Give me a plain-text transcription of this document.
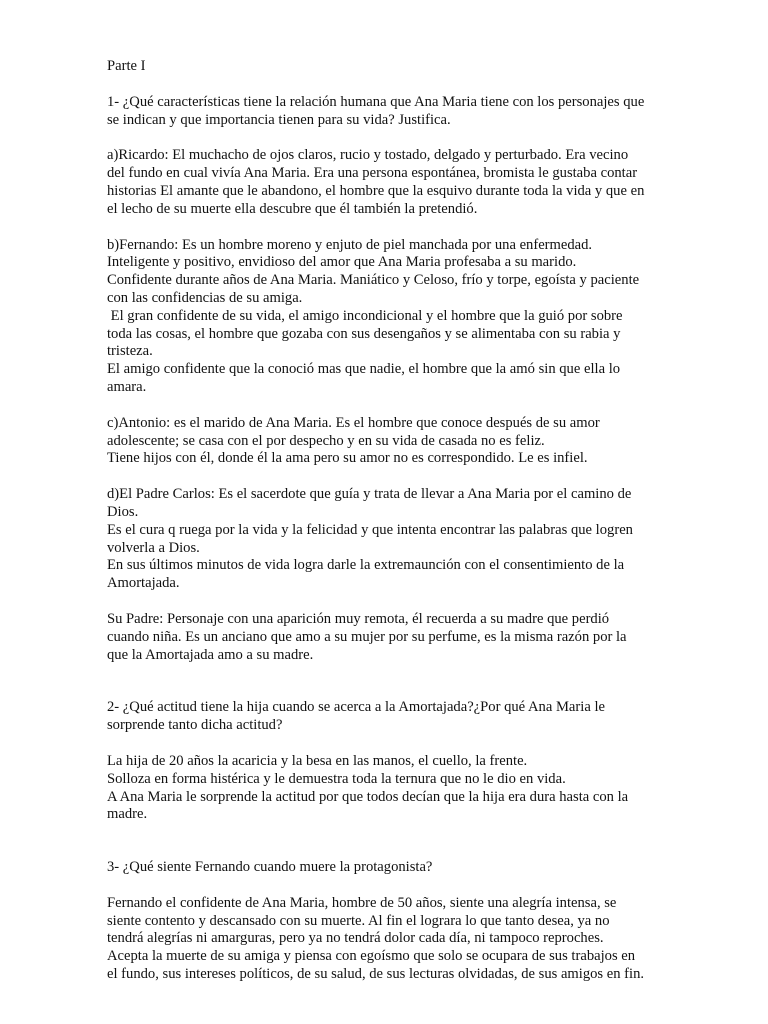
Parte I

1- ¿Qué características tiene la relación humana que Ana Maria tiene con los personajes que

se indican y que importancia tienen para su vida? Justifica.

a)Ricardo: El muchacho de ojos claros, rucio y tostado, delgado y perturbado. Era vecino

del fundo en cual vivía Ana Maria. Era una persona espontánea, bromista le gustaba contar

historias El amante que le abandono, el hombre que la esquivo durante toda la vida y que en

el lecho de su muerte ella descubre que él también la pretendió.

b)Fernando: Es un hombre moreno y enjuto de piel manchada por una enfermedad.

Inteligente y positivo, envidioso del amor que Ana Maria profesaba a su marido.

Confidente durante años de Ana Maria. Maniático y Celoso, frío y torpe, egoísta y paciente

con las confidencias de su amiga.

El gran confidente de su vida, el amigo incondicional y el hombre que la guió por sobre

toda las cosas, el hombre que gozaba con sus desengaños y se alimentaba con su rabia y

tristeza.

El amigo confidente que la conoció mas que nadie, el hombre que la amó sin que ella lo

amara.

c)Antonio: es el marido de Ana Maria. Es el hombre que conoce después de su amor

adolescente; se casa con el por despecho y en su vida de casada no es feliz.

Tiene hijos con él, donde él la ama pero su amor no es correspondido. Le es infiel.

d)El Padre Carlos: Es el sacerdote que guía y trata de llevar a Ana Maria por el camino de

Dios.

Es el cura q ruega por la vida y la felicidad y que intenta encontrar las palabras que logren

volverla a Dios.

En sus últimos minutos de vida logra darle la extremaunción con el consentimiento de la

Amortajada.

Su Padre: Personaje con una aparición muy remota, él recuerda a su madre que perdió

cuando niña. Es un anciano que amo a su mujer por su perfume, es la misma razón por la

que la Amortajada amo a su madre.

2- ¿Qué actitud tiene la hija cuando se acerca a la Amortajada?¿Por qué Ana Maria le

sorprende tanto dicha actitud?

La hija de 20 años la acaricia y la besa en las manos, el cuello, la frente.

Solloza en forma histérica y le demuestra toda la ternura que no le dio en vida.

A Ana Maria le sorprende la actitud por que todos decían que la hija era dura hasta con la

madre.

3- ¿Qué siente Fernando cuando muere la protagonista?

Fernando el confidente de Ana Maria, hombre de 50 años, siente una alegría intensa, se

siente contento y descansado con su muerte. Al fin el lograra lo que tanto desea, ya no

tendrá alegrías ni amarguras, pero ya no tendrá dolor cada día, ni tampoco reproches.

Acepta la muerte de su amiga y piensa con egoísmo que solo se ocupara de sus trabajos en

el fundo, sus intereses políticos, de su salud, de sus lecturas olvidadas, de sus amigos en fin.
